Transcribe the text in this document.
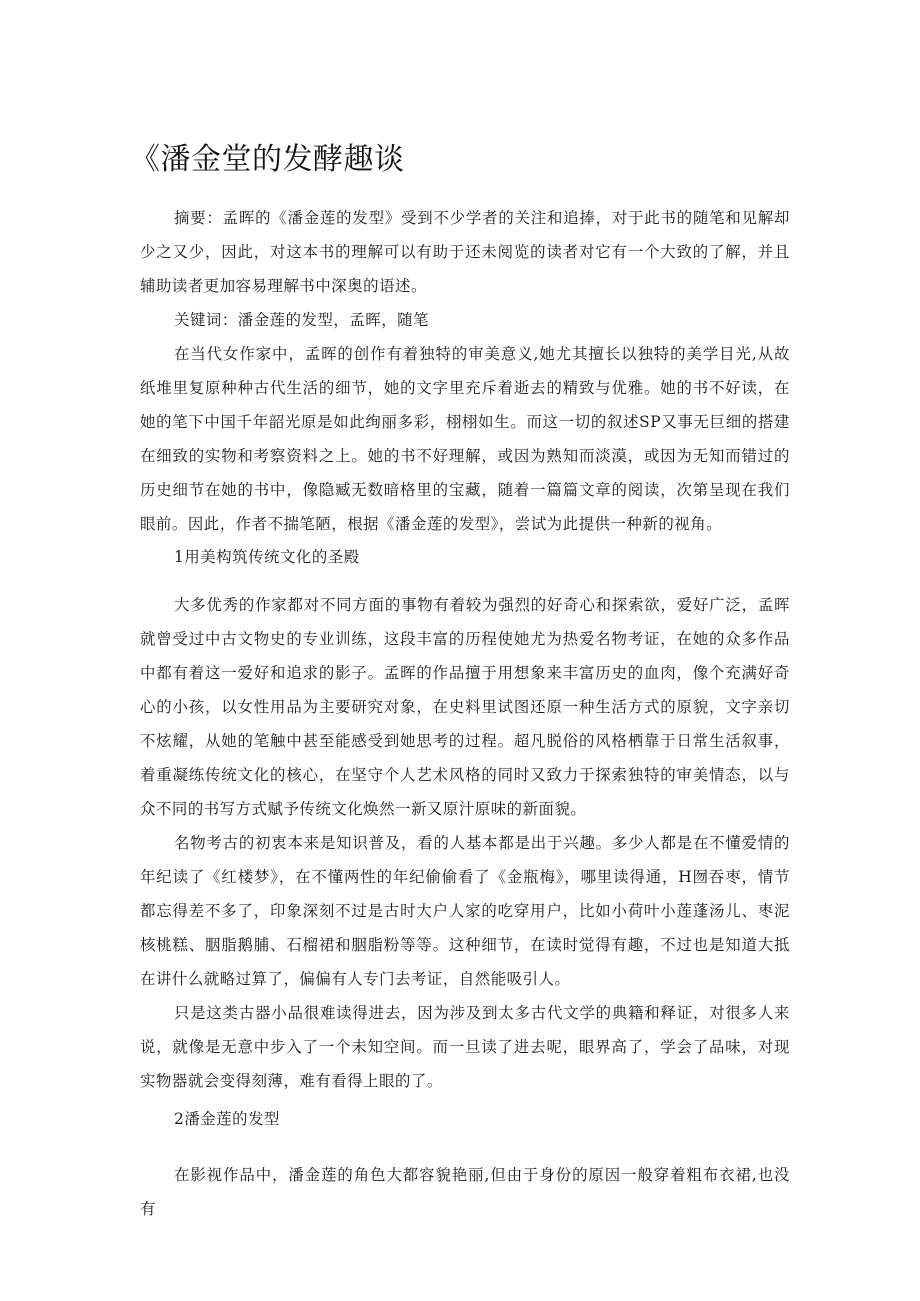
《潘金堂的发酵趣谈

摘要：孟晖的《潘金莲的发型》受到不少学者的关注和追捧，对于此书的随笔和见解却少之又少，因此，对这本书的理解可以有助于还未阅览的读者对它有一个大致的了解，并且辅助读者更加容易理解书中深奥的语述。

关键词：潘金莲的发型，孟晖，随笔

在当代女作家中，孟晖的创作有着独特的审美意义,她尤其擅长以独特的美学目光,从故纸堆里复原种种古代生活的细节，她的文字里充斥着逝去的精致与优雅。她的书不好读，在她的笔下中国千年韶光原是如此绚丽多彩，栩栩如生。而这一切的叙述SP又事无巨细的搭建在细致的实物和考察资料之上。她的书不好理解，或因为熟知而淡漠，或因为无知而错过的历史细节在她的书中，像隐臧无数暗格里的宝藏，随着一篇篇文章的阅读，次第呈现在我们眼前。因此，作者不揣笔陋，根据《潘金莲的发型》，尝试为此提供一种新的视角。

1用美构筑传统文化的圣殿

大多优秀的作家都对不同方面的事物有着较为强烈的好奇心和探索欲，爱好广泛，孟晖就曾受过中古文物史的专业训练，这段丰富的历程使她尤为热爱名物考证，在她的众多作品中都有着这一爱好和追求的影子。孟晖的作品擅于用想象来丰富历史的血肉，像个充满好奇心的小孩，以女性用品为主要研究对象，在史料里试图还原一种生活方式的原貌，文字亲切不炫耀，从她的笔触中甚至能感受到她思考的过程。超凡脱俗的风格栖靠于日常生活叙事，着重凝练传统文化的核心，在坚守个人艺术风格的同时又致力于探索独特的审美情态，以与众不同的书写方式赋予传统文化焕然一新又原汁原味的新面貌。

名物考古的初衷本来是知识普及，看的人基本都是出于兴趣。多少人都是在不懂爱情的年纪读了《红楼梦》，在不懂两性的年纪偷偷看了《金瓶梅》，哪里读得通，H囫吞枣，情节都忘得差不多了，印象深刻不过是古时大户人家的吃穿用户，比如小荷叶小莲蓬汤儿、枣泥核桃糕、胭脂鹅脯、石榴裙和胭脂粉等等。这种细节，在读时觉得有趣，不过也是知道大抵在讲什么就略过算了，偏偏有人专门去考证，自然能吸引人。

只是这类古器小品很难读得进去，因为涉及到太多古代文学的典籍和释证，对很多人来说，就像是无意中步入了一个未知空间。而一旦读了进去呢，眼界高了，学会了品味，对现实物器就会变得刻薄，难有看得上眼的了。

2潘金莲的发型

在影视作品中，潘金莲的角色大都容貌艳丽,但由于身份的原因一般穿着粗布衣裙,也没有
